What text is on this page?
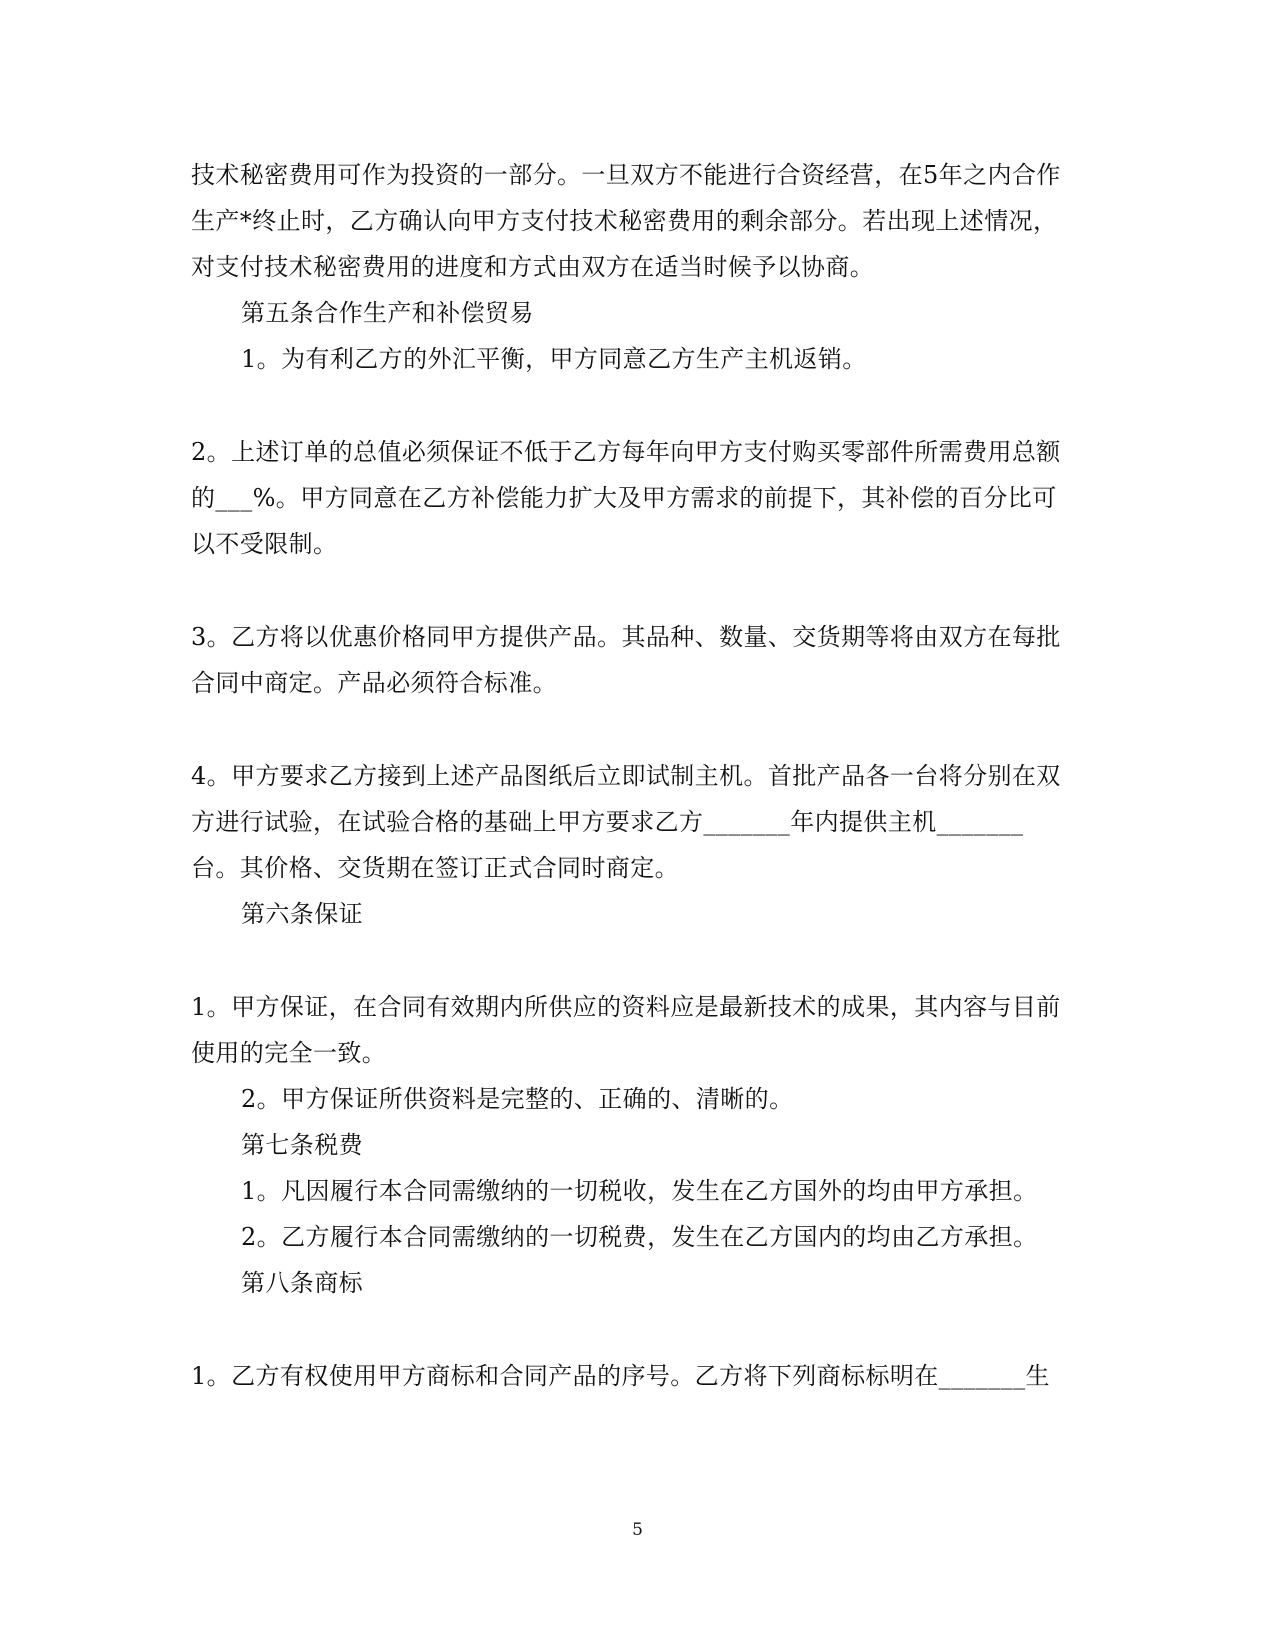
技术秘密费用可作为投资的一部分。一旦双方不能进行合资经营，在5年之内合作
生产*终止时，乙方确认向甲方支付技术秘密费用的剩余部分。若出现上述情况，
对支付技术秘密费用的进度和方式由双方在适当时候予以协商。
第五条合作生产和补偿贸易
1。为有利乙方的外汇平衡，甲方同意乙方生产主机返销。
2。上述订单的总值必须保证不低于乙方每年向甲方支付购买零部件所需费用总额
的___%。甲方同意在乙方补偿能力扩大及甲方需求的前提下，其补偿的百分比可
以不受限制。
3。乙方将以优惠价格同甲方提供产品。其品种、数量、交货期等将由双方在每批
合同中商定。产品必须符合标准。
4。甲方要求乙方接到上述产品图纸后立即试制主机。首批产品各一台将分别在双
方进行试验，在试验合格的基础上甲方要求乙方_______年内提供主机_______
台。其价格、交货期在签订正式合同时商定。
第六条保证
1。甲方保证，在合同有效期内所供应的资料应是最新技术的成果，其内容与目前
使用的完全一致。
2。甲方保证所供资料是完整的、正确的、清晰的。
第七条税费
1。凡因履行本合同需缴纳的一切税收，发生在乙方国外的均由甲方承担。
2。乙方履行本合同需缴纳的一切税费，发生在乙方国内的均由乙方承担。
第八条商标
1。乙方有权使用甲方商标和合同产品的序号。乙方将下列商标标明在_______生
5
